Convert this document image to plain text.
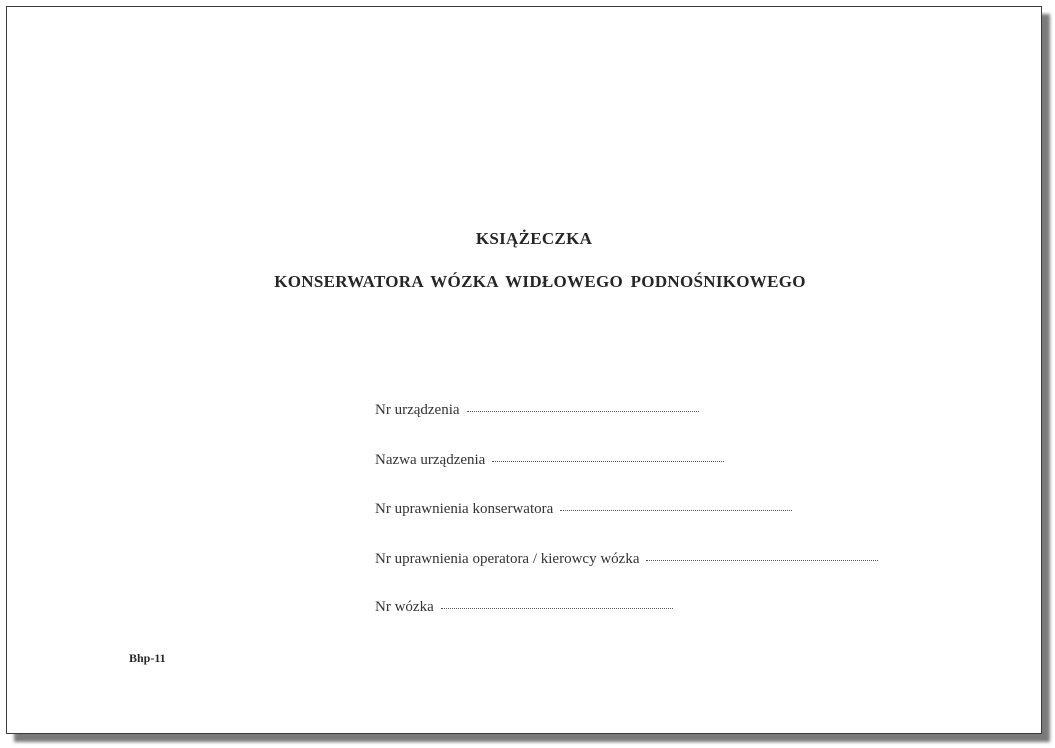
KSIĄŻECZKA
KONSERWATORA WÓZKA WIDŁOWEGO PODNOŚNIKOWEGO
Nr urządzenia
Nazwa urządzenia
Nr uprawnienia konserwatora
Nr uprawnienia operatora / kierowcy wózka
Nr wózka
Bhp-11
